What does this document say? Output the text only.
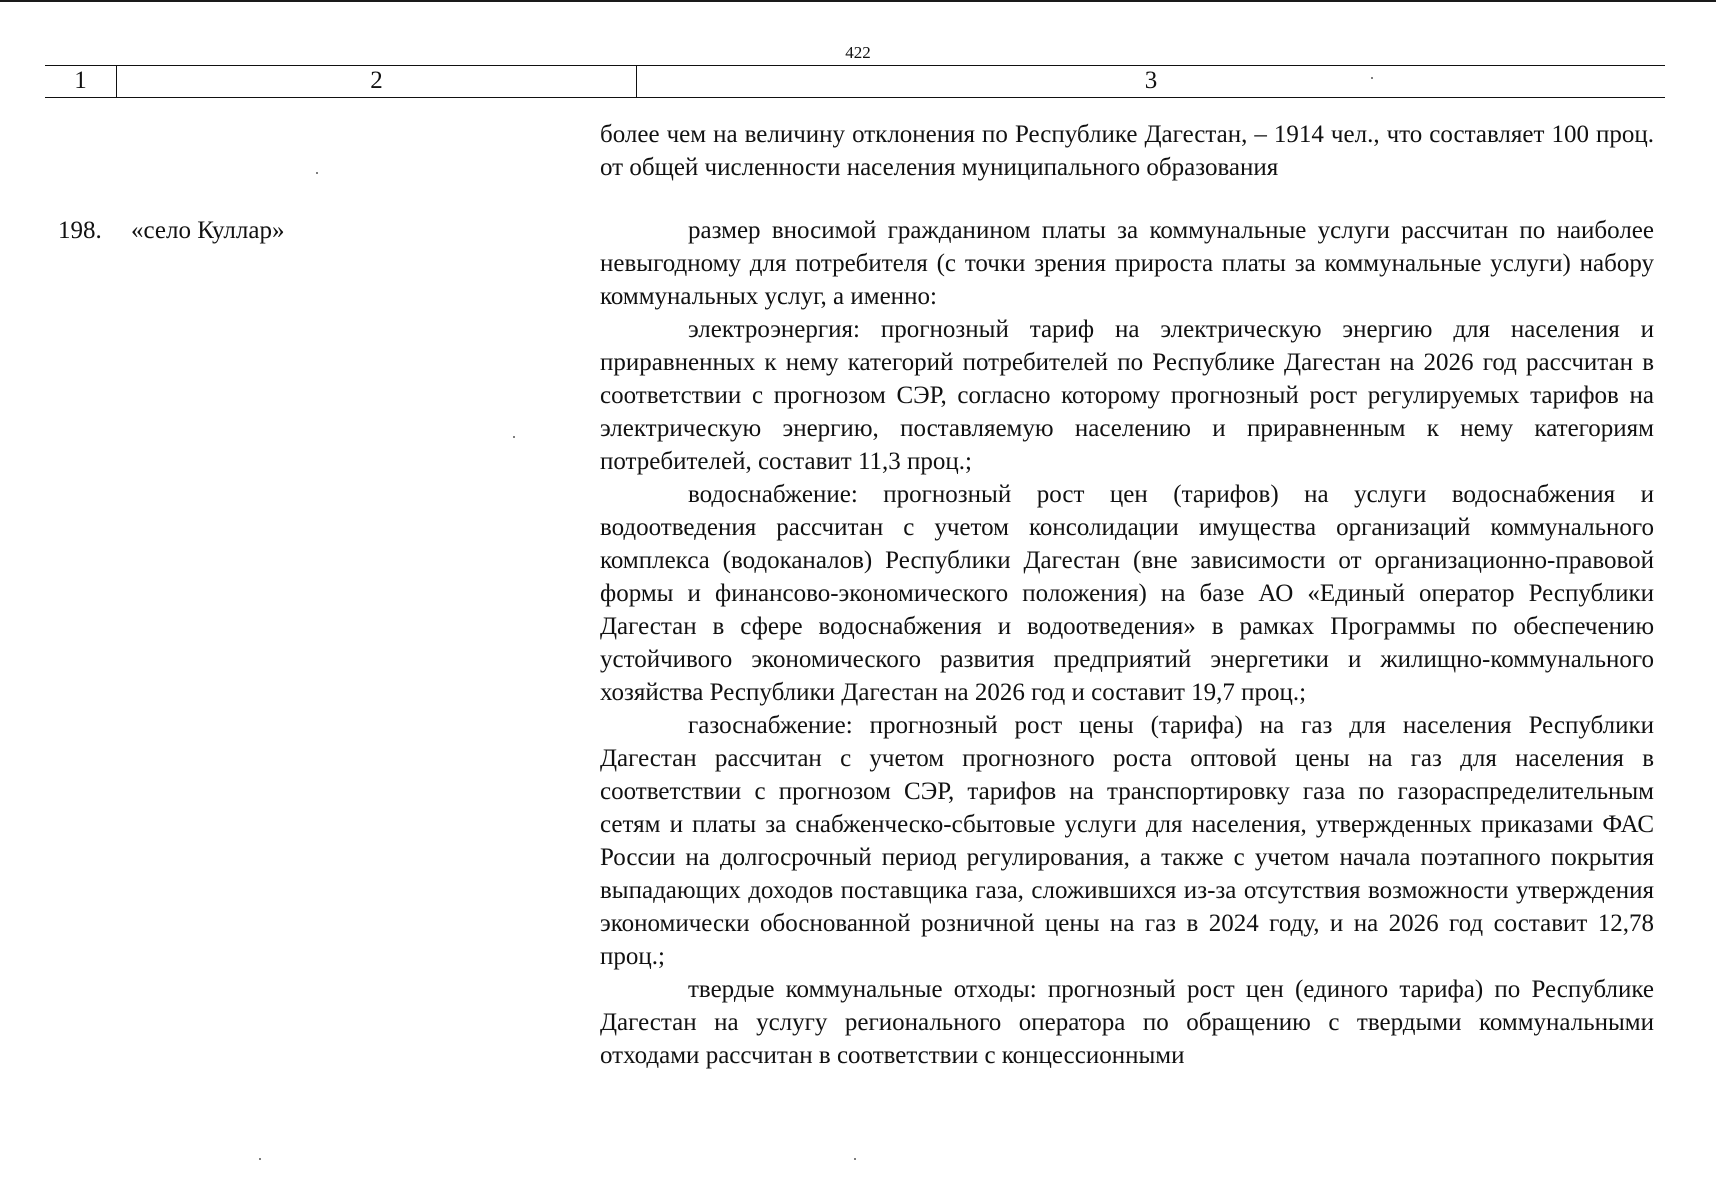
422
1	2	3

более чем на величину отклонения по Республике Дагестан, – 1914 чел., что составляет 100 проц. от общей численности населения муниципального образования

198. «село Куллар»	размер вносимой гражданином платы за коммунальные услуги рассчитан по наиболее невыгодному для потребителя (с точки зрения прироста платы за коммунальные услуги) набору коммунальных услуг, а именно:

электроэнергия: прогнозный тариф на электрическую энергию для населения и приравненных к нему категорий потребителей по Республике Дагестан на 2026 год рассчитан в соответствии с прогнозом СЭР, согласно которому прогнозный рост регулируемых тарифов на электрическую энергию, поставляемую населению и приравненным к нему категориям потребителей, составит 11,3 проц.;

водоснабжение: прогнозный рост цен (тарифов) на услуги водоснабжения и водоотведения рассчитан с учетом консолидации имущества организаций коммунального комплекса (водоканалов) Республики Дагестан (вне зависимости от организационно-правовой формы и финансово-экономического положения) на базе АО «Единый оператор Республики Дагестан в сфере водоснабжения и водоотведения» в рамках Программы по обеспечению устойчивого экономического развития предприятий энергетики и жилищно-коммунального хозяйства Республики Дагестан на 2026 год и составит 19,7 проц.;

газоснабжение: прогнозный рост цены (тарифа) на газ для населения Республики Дагестан рассчитан с учетом прогнозного роста оптовой цены на газ для населения в соответствии с прогнозом СЭР, тарифов на транспортировку газа по газораспределительным сетям и платы за снабженческо-сбытовые услуги для населения, утвержденных приказами ФАС России на долгосрочный период регулирования, а также с учетом начала поэтапного покрытия выпадающих доходов поставщика газа, сложившихся из-за отсутствия возможности утверждения экономически обоснованной розничной цены на газ в 2024 году, и на 2026 год составит 12,78 проц.;

твердые коммунальные отходы: прогнозный рост цен (единого тарифа) по Республике Дагестан на услугу регионального оператора по обращению с твердыми коммунальными отходами рассчитан в соответствии с концессионными
